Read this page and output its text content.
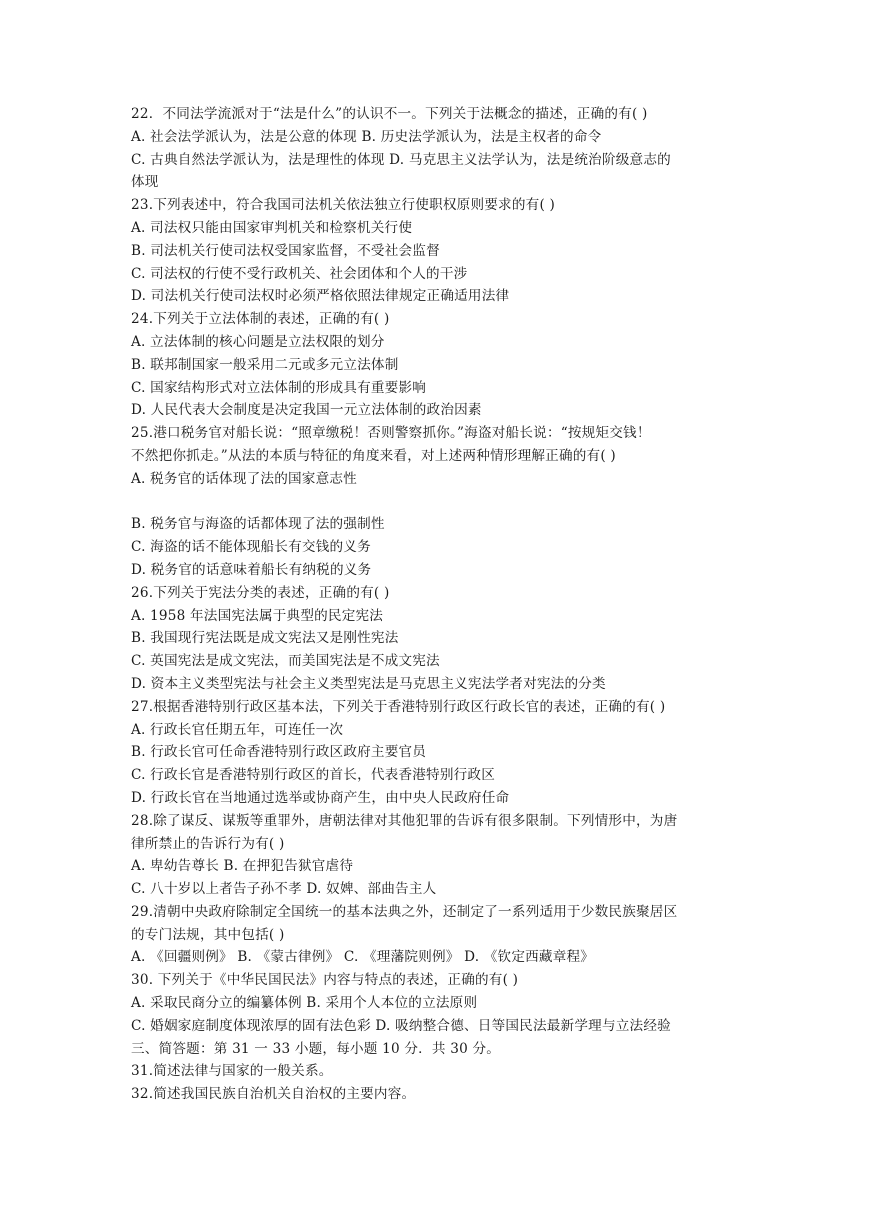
22．不同法学流派对于“法是什么”的认识不一。下列关于法概念的描述，正确的有( )
A. 社会法学派认为，法是公意的体现 B. 历史法学派认为，法是主权者的命令
C. 古典自然法学派认为，法是理性的体现 D. 马克思主义法学认为，法是统治阶级意志的
体现
23.下列表述中，符合我国司法机关依法独立行使职权原则要求的有( )
A. 司法权只能由国家审判机关和检察机关行使
B. 司法机关行使司法权受国家监督，不受社会监督
C. 司法权的行使不受行政机关、社会团体和个人的干涉
D. 司法机关行使司法权时必须严格依照法律规定正确适用法律
24.下列关于立法体制的表述，正确的有( )
A. 立法体制的核心问题是立法权限的划分
B. 联邦制国家一般采用二元或多元立法体制
C. 国家结构形式对立法体制的形成具有重要影响
D. 人民代表大会制度是决定我国一元立法体制的政治因素
25.港口税务官对船长说：“照章缴税！否则警察抓你。”海盗对船长说：“按规矩交钱！
不然把你抓走。”从法的本质与特征的角度来看，对上述两种情形理解正确的有( )
A. 税务官的话体现了法的国家意志性
B. 税务官与海盗的话都体现了法的强制性
C. 海盗的话不能体现船长有交钱的义务
D. 税务官的话意味着船长有纳税的义务
26.下列关于宪法分类的表述，正确的有( )
A. 1958 年法国宪法属于典型的民定宪法
B. 我国现行宪法既是成文宪法又是刚性宪法
C. 英国宪法是成文宪法，而美国宪法是不成文宪法
D. 资本主义类型宪法与社会主义类型宪法是马克思主义宪法学者对宪法的分类
27.根据香港特别行政区基本法，下列关于香港特别行政区行政长官的表述，正确的有( )
A. 行政长官任期五年，可连任一次
B. 行政长官可任命香港特别行政区政府主要官员
C. 行政长官是香港特别行政区的首长，代表香港特别行政区
D. 行政长官在当地通过选举或协商产生，由中央人民政府任命
28.除了谋反、谋叛等重罪外，唐朝法律对其他犯罪的告诉有很多限制。下列情形中，为唐
律所禁止的告诉行为有( )
A. 卑幼告尊长 B. 在押犯告狱官虐待
C. 八十岁以上者告子孙不孝 D. 奴婢、部曲告主人
29.清朝中央政府除制定全国统一的基本法典之外，还制定了一系列适用于少数民族聚居区
的专门法规，其中包括( )
A. 《回疆则例》 B. 《蒙古律例》 C. 《理藩院则例》 D. 《钦定西藏章程》
30. 下列关于《中华民国民法》内容与特点的表述，正确的有( )
A. 采取民商分立的编纂体例 B. 采用个人本位的立法原则
C. 婚姻家庭制度体现浓厚的固有法色彩 D. 吸纳整合德、日等国民法最新学理与立法经验
三、简答题：第 31 一 33 小题，每小题 10 分．共 30 分。
31.简述法律与国家的一般关系。
32.简述我国民族自治机关自治权的主要内容。
